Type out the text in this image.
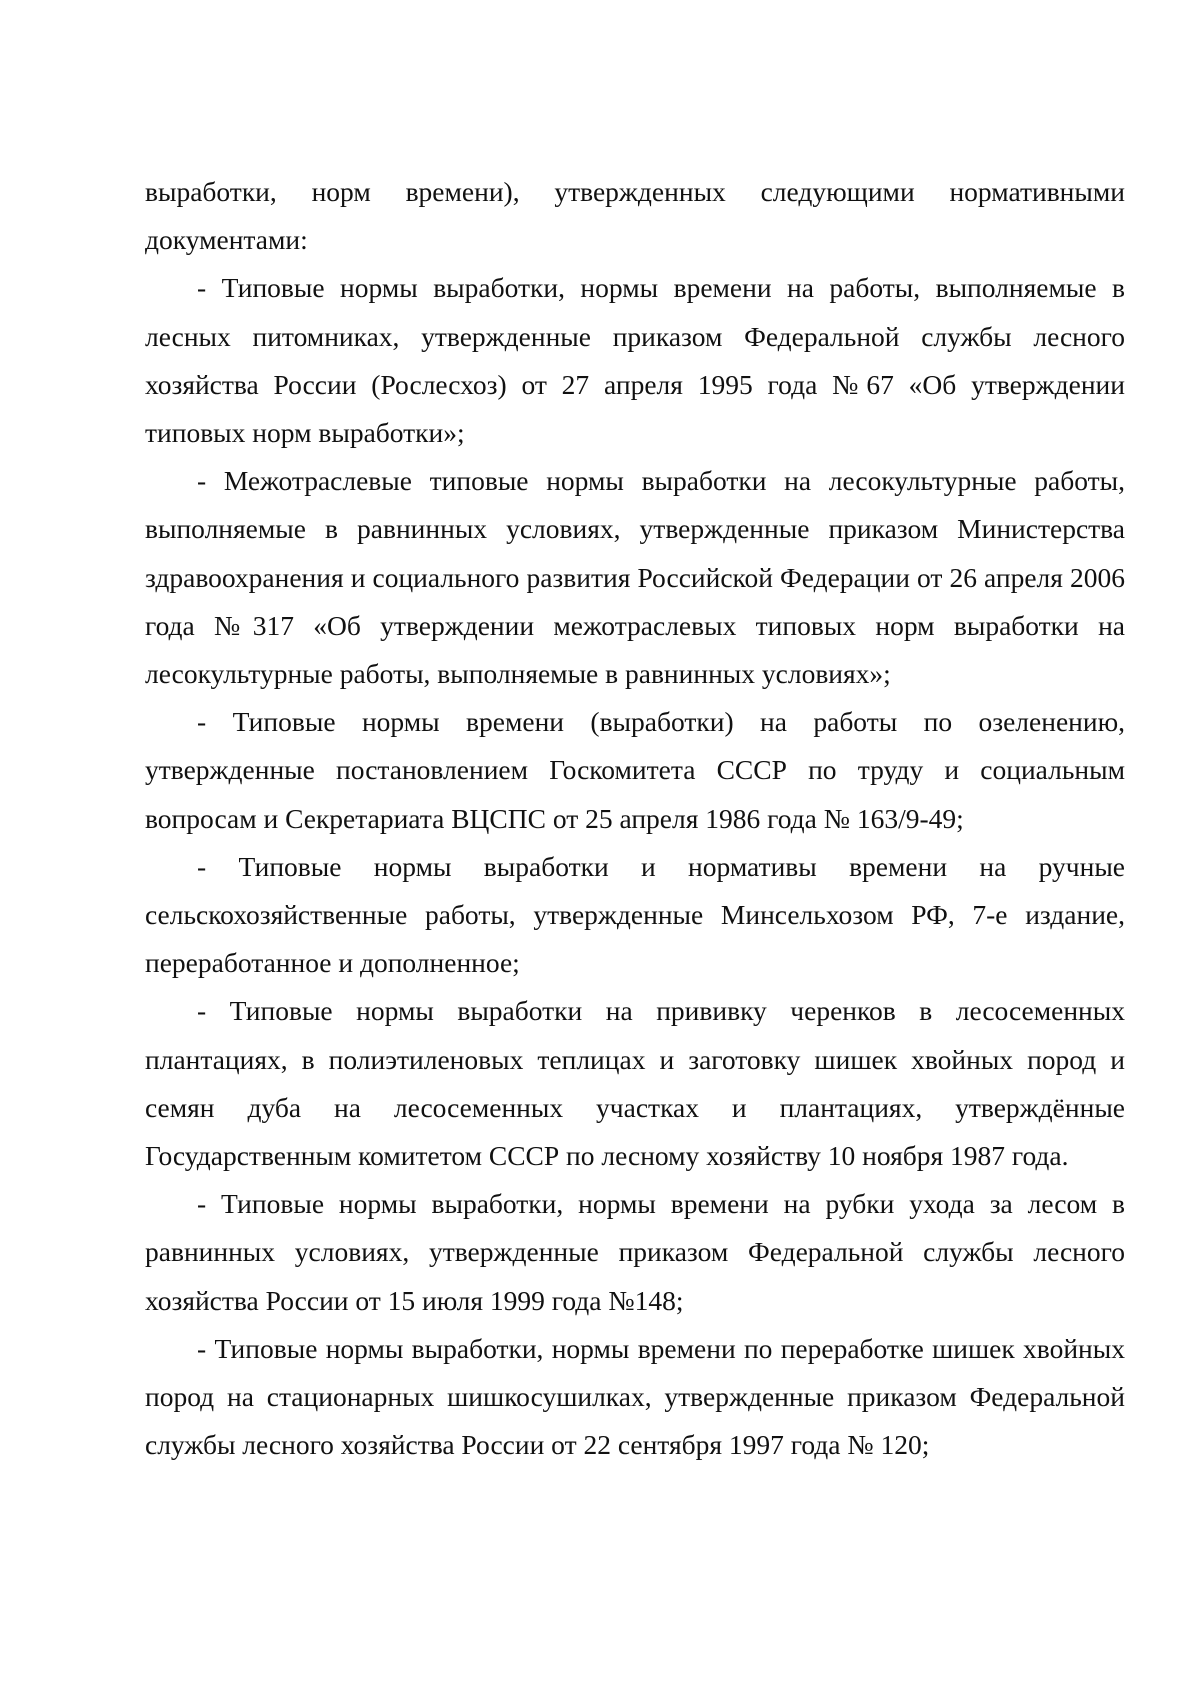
выработки, норм времени), утвержденных следующими нормативными документами:

- Типовые нормы выработки, нормы времени на работы, выполняемые в лесных питомниках, утвержденные приказом Федеральной службы лесного хозяйства России (Рослесхоз) от 27 апреля 1995 года №67 «Об утверждении типовых норм выработки»;

- Межотраслевые типовые нормы выработки на лесокультурные работы, выполняемые в равнинных условиях, утвержденные приказом Министерства здравоохранения и социального развития Российской Федерации от 26 апреля 2006 года №317 «Об утверждении межотраслевых типовых норм выработки на лесокультурные работы, выполняемые в равнинных условиях»;

- Типовые нормы времени (выработки) на работы по озеленению, утвержденные постановлением Госкомитета СССР по труду и социальным вопросам и Секретариата ВЦСПС от 25 апреля 1986 года № 163/9-49;

- Типовые нормы выработки и нормативы времени на ручные сельскохозяйственные работы, утвержденные Минсельхозом РФ, 7-е издание, переработанное и дополненное;

- Типовые нормы выработки на прививку черенков в лесосеменных плантациях, в полиэтиленовых теплицах и заготовку шишек хвойных пород и семян дуба на лесосеменных участках и плантациях, утверждённые Государственным комитетом СССР по лесному хозяйству 10 ноября 1987 года.

- Типовые нормы выработки, нормы времени на рубки ухода за лесом в равнинных условиях, утвержденные приказом Федеральной службы лесного хозяйства России от 15 июля 1999 года №148;

- Типовые нормы выработки, нормы времени по переработке шишек хвойных пород на стационарных шишкосушилках, утвержденные приказом Федеральной службы лесного хозяйства России от 22 сентября 1997 года № 120;
